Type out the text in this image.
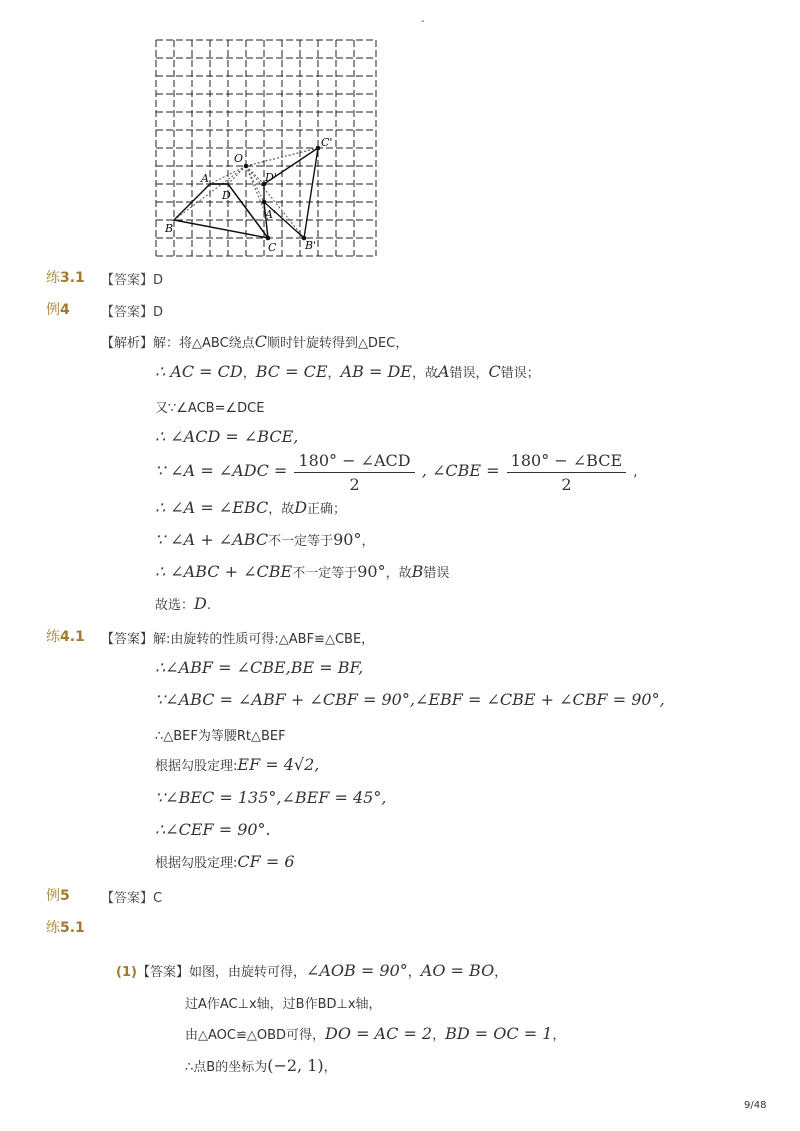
-
O
A
B
C
D
D'
A'
B'
C'
练3.1 【答案】D
例4 【答案】D
【解析】解：将△ABC绕点C顺时针旋转得到△DEC，
∴ AC = CD，BC = CE，AB = DE，故A错误，C错误；
又∵∠ACB=∠DCE
∴ ∠ACD = ∠BCE,
∵ ∠A = ∠ADC = $\frac{\text{180° − ∠ACD}}{2}$ , ∠CBE = $\frac{\text{180° − ∠BCE}}{2}$ ,
∴ ∠A = ∠EBC，故D正确；
∵ ∠A + ∠ABC不一定等于90°，
∴ ∠ABC + ∠CBE不一定等于90°，故B错误
故选：D.
练4.1 【答案】解:由旋转的性质可得:△ABF≌△CBE，
∴∠ABF = ∠CBE,BE = BF,
∵∠ABC = ∠ABF + ∠CBF = 90°,∠EBF = ∠CBE + ∠CBF = 90°,
∴△BEF为等腰Rt△BEF
根据勾股定理:EF = 4√2,
∵∠BEC = 135°,∠BEF = 45°,
∴∠CEF = 90°.
根据勾股定理:CF = 6
例5 【答案】C
练5.1
(1)【答案】如图，由旋转可得，∠AOB = 90°，AO = BO，
过A作AC⊥x轴，过B作BD⊥x轴，
由△AOC≌△OBD可得，DO = AC = 2，BD = OC = 1，
∴点B的坐标为(−2, 1)，
9/48
